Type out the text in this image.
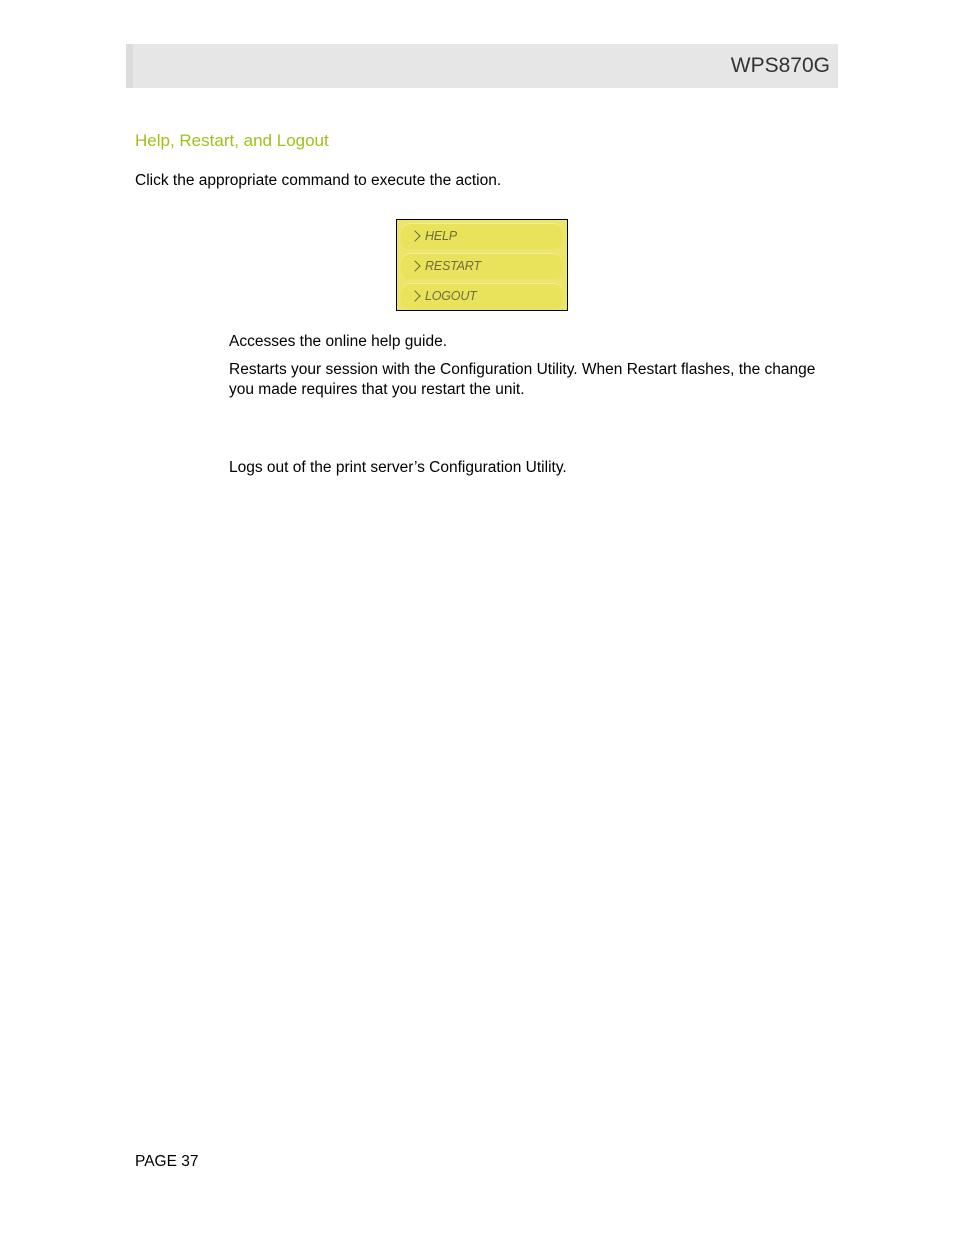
WPS870G
Help, Restart, and Logout
Click the appropriate command to execute the action.
HELP
RESTART
LOGOUT
Accesses the online help guide.
Restarts your session with the Configuration Utility. When Restart flashes, the change you made requires that you restart the unit.
Logs out of the print server’s Configuration Utility.
PAGE 37
